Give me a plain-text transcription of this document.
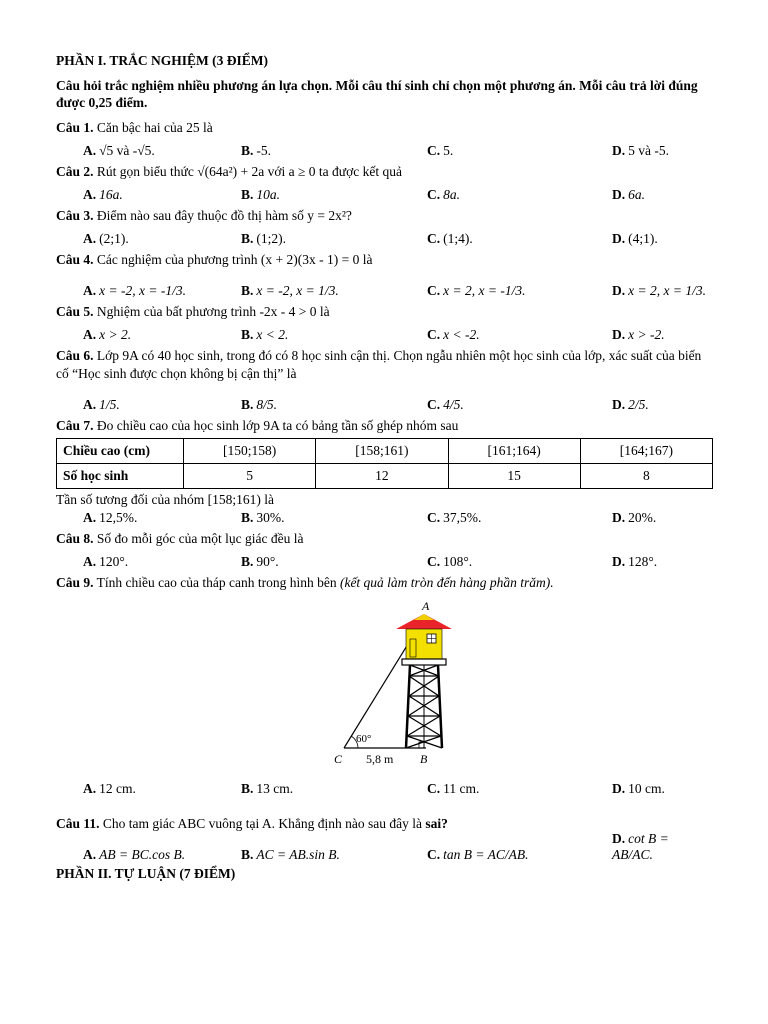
PHẦN I. TRẮC NGHIỆM (3 ĐIỂM)
Câu hỏi trắc nghiệm nhiều phương án lựa chọn. Mỗi câu thí sinh chỉ chọn một phương án. Mỗi câu trả lời đúng được 0,25 điểm.
Câu 1. Căn bậc hai của 25 là
A. √5 và -√5.	B. -5.	C. 5.	D. 5 và -5.
Câu 2. Rút gọn biểu thức √(64a²) + 2a với a ≥ 0 ta được kết quả
A. 16a.	B. 10a.	C. 8a.	D. 6a.
Câu 3. Điểm nào sau đây thuộc đồ thị hàm số y = 2x²?
A. (2;1).	B. (1;2).	C. (1;4).	D. (4;1).
Câu 4. Các nghiệm của phương trình (x + 2)(3x - 1) = 0 là
A. x = -2, x = -1/3.	B. x = -2, x = 1/3.	C. x = 2, x = -1/3.	D. x = 2, x = 1/3.
Câu 5. Nghiệm của bất phương trình -2x - 4 > 0 là
A. x > 2.	B. x < 2.	C. x < -2.	D. x > -2.
Câu 6. Lớp 9A có 40 học sinh, trong đó có 8 học sinh cận thị. Chọn ngẫu nhiên một học sinh của lớp, xác suất của biến cố “Học sinh được chọn không bị cận thị” là
A. 1/5.	B. 8/5.	C. 4/5.	D. 2/5.
Câu 7. Đo chiều cao của học sinh lớp 9A ta có bảng tần số ghép nhóm sau
Chiều cao (cm)	[150;158)	[158;161)	[161;164)	[164;167)
Số học sinh	5	12	15	8
Tần số tương đối của nhóm [158;161) là
A. 12,5%.	B. 30%.	C. 37,5%.	D. 20%.
Câu 8. Số đo mỗi góc của một lục giác đều là
A. 120°.	B. 90°.	C. 108°.	D. 128°.
Câu 9. Tính chiều cao của tháp canh trong hình bên (kết quả làm tròn đến hàng phần trăm).
A
C	B
5,8 m
60°
A. 12 cm.	B. 13 cm.	C. 11 cm.	D. 10 cm.
Câu 11. Cho tam giác ABC vuông tại A. Khẳng định nào sau đây là sai?
A. AB = BC.cos B.	B. AC = AB.sin B.	C. tan B = AC/AB.
D. cot B = AB/AC.
PHẦN II. TỰ LUẬN (7 ĐIỂM)
